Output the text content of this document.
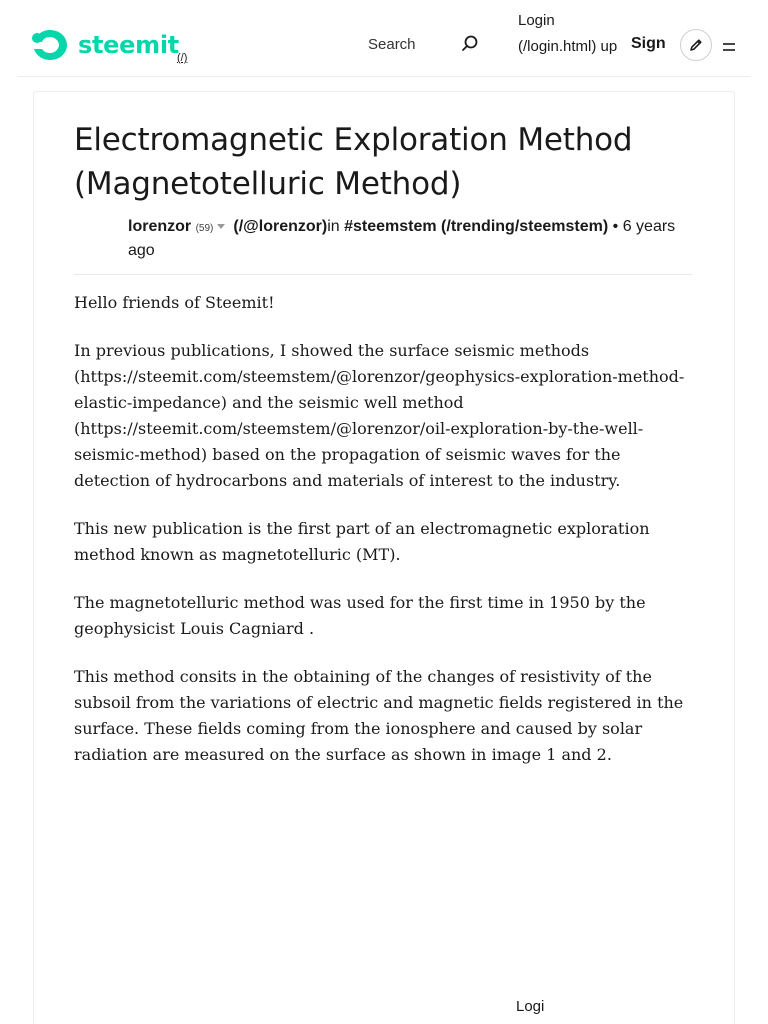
steemit
(/)
Search
Login (/login.html) up Sign
Electromagnetic Exploration Method (Magnetotelluric Method)
lorenzor (59) (/@lorenzor)in #steemstem (/trending/steemstem) • 6 years ago

Hello friends of Steemit!

In previous publications, I showed the surface seismic methods (https://steemit.com/steemstem/@lorenzor/geophysics-exploration-method-elastic-impedance) and the seismic well method (https://steemit.com/steemstem/@lorenzor/oil-exploration-by-the-well-seismic-method) based on the propagation of seismic waves for the detection of hydrocarbons and materials of interest to the industry.

This new publication is the first part of an electromagnetic exploration method known as magnetotelluric (MT).

The magnetotelluric method was used for the first time in 1950 by the geophysicist Louis Cagniard .

This method consits in the obtaining of the changes of resistivity of the subsoil from the variations of electric and magnetic fields registered in the surface. These fields coming from the ionosphere and caused by solar radiation are measured on the surface as shown in image 1 and 2.

Logi
